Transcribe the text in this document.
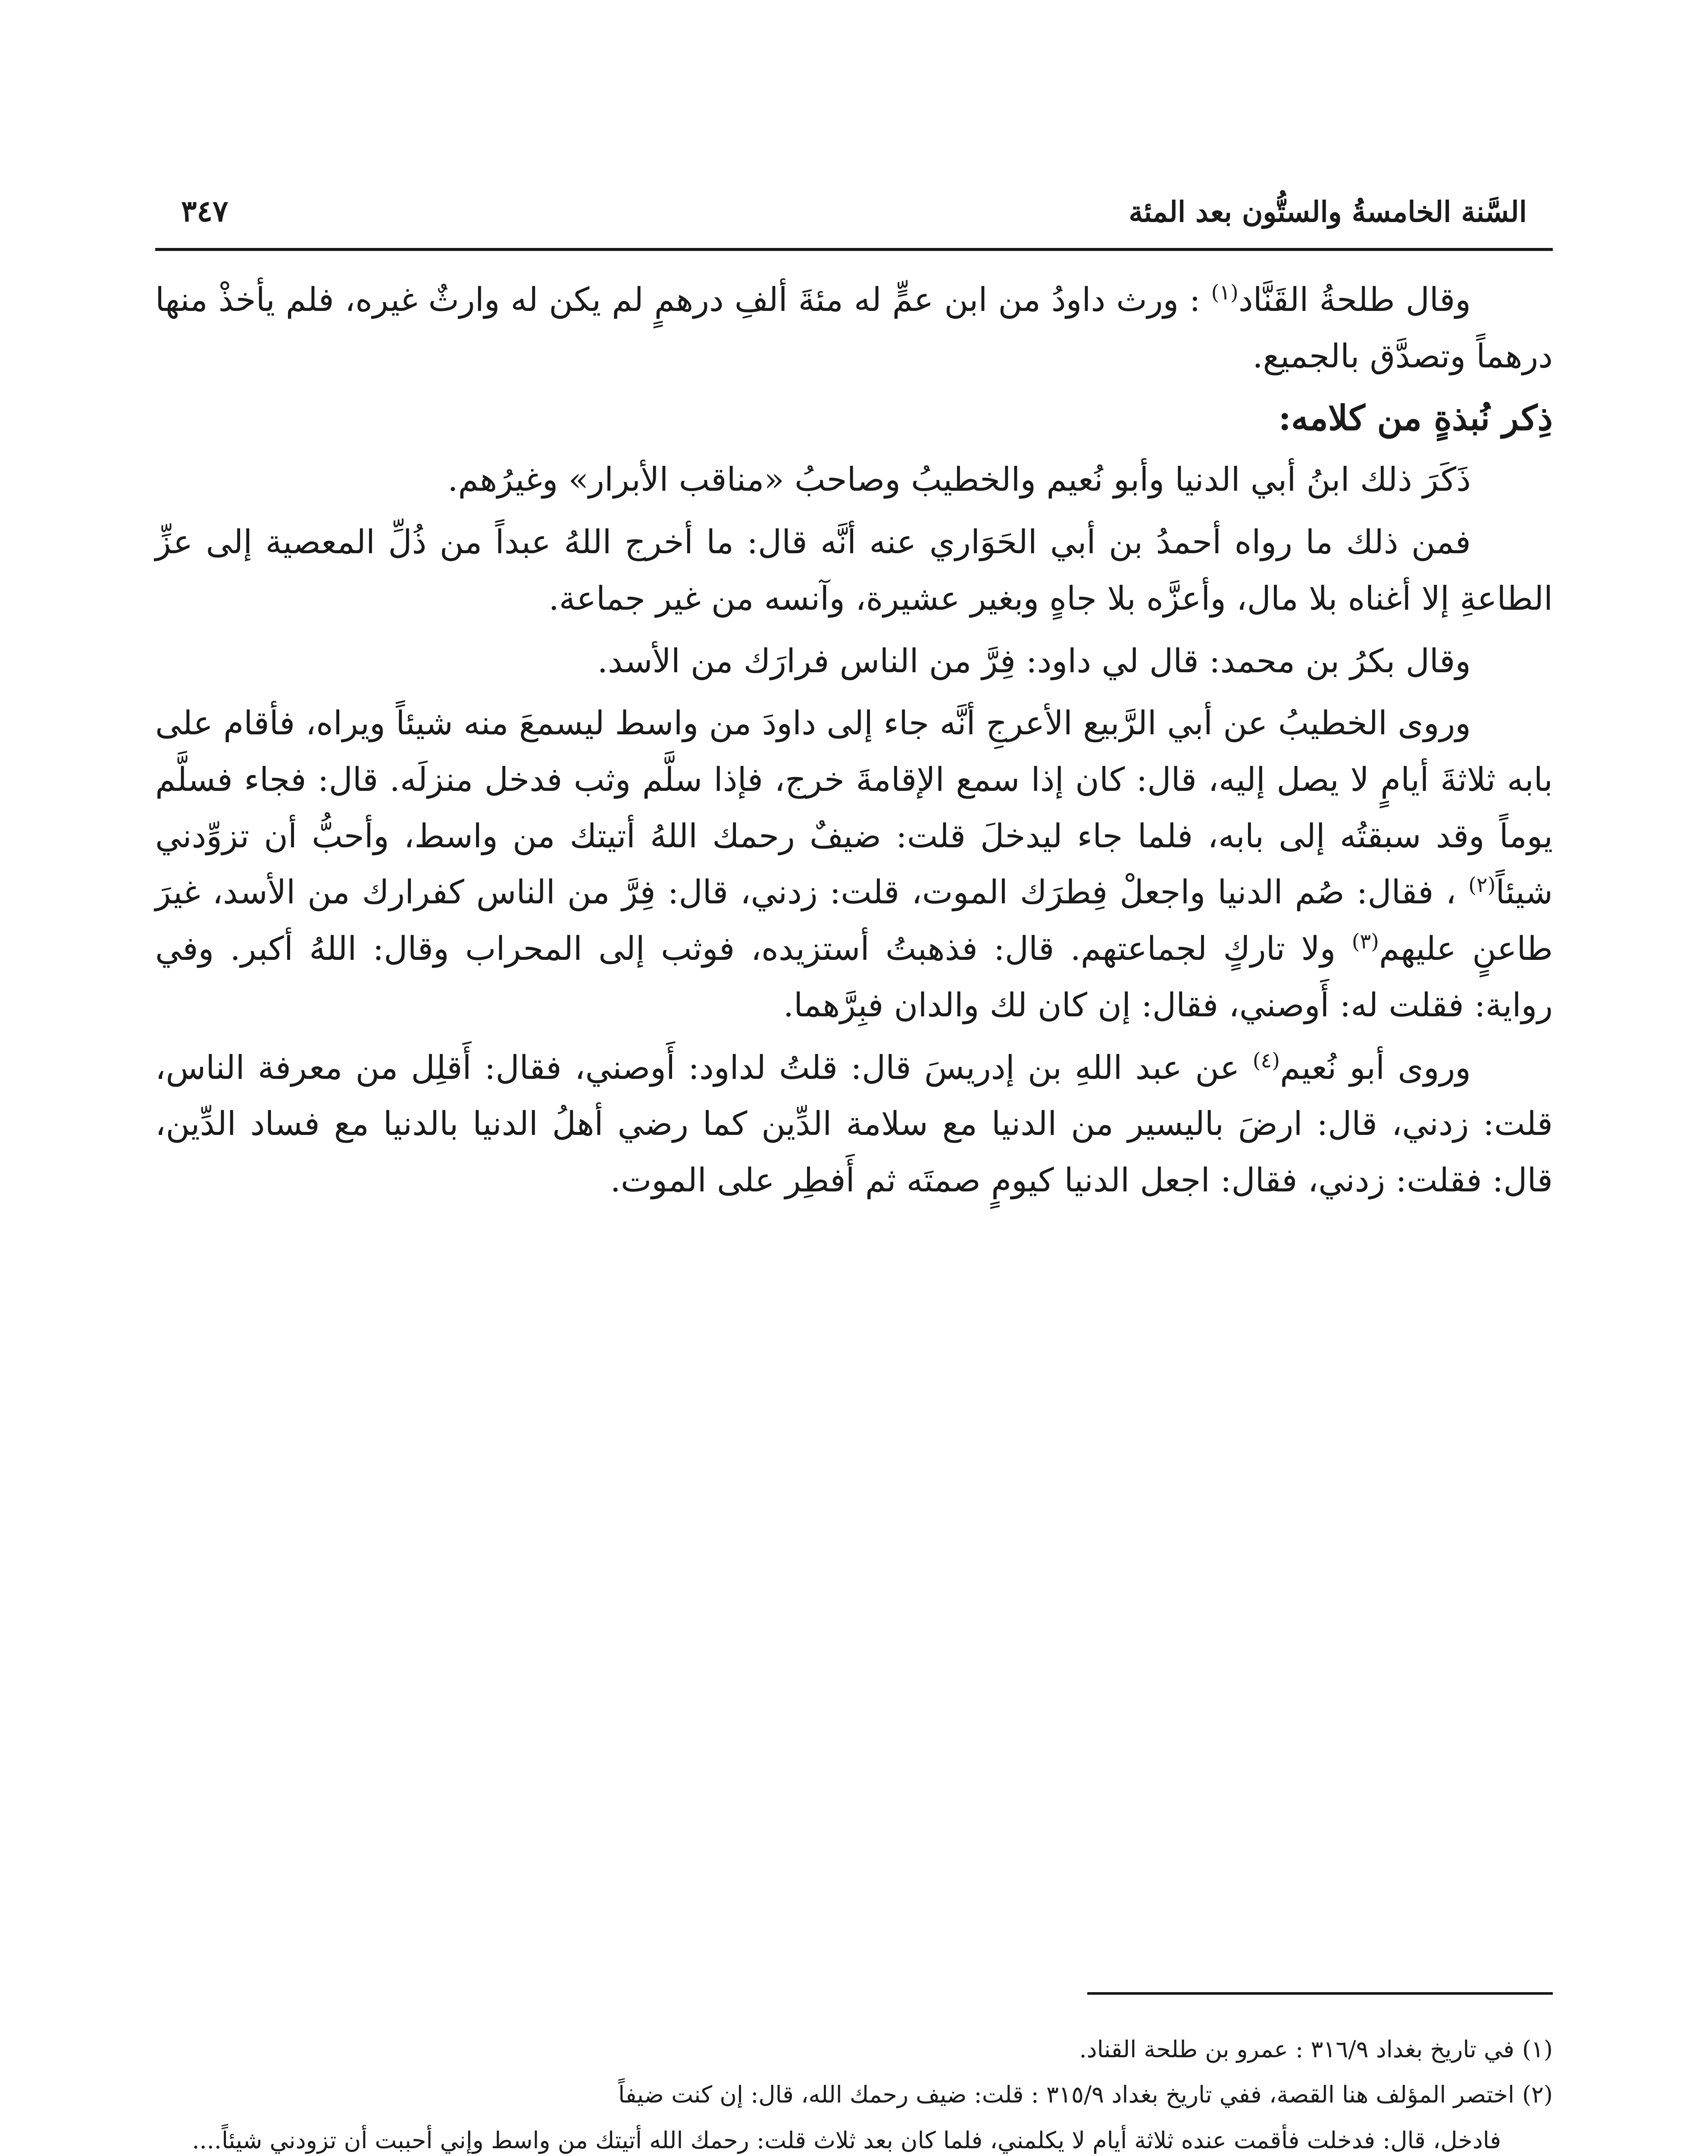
السَّنة الخامسةُ والستُّون بعد المئة
٣٤٧

وقال طلحةُ القَنَّاد$^{(١)}$ : ورث داودُ من ابن عمٍّ له مئةَ ألفِ درهمٍ لم يكن له وارثٌ غيره، فلم يأخذْ منها درهماً وتصدَّق بالجميع.

ذِكر نُبذةٍ من كلامه:

ذَكَرَ ذلك ابنُ أبي الدنيا وأبو نُعيم والخطيبُ وصاحبُ «مناقب الأبرار» وغيرُهم.

فمن ذلك ما رواه أحمدُ بن أبي الحَوَاري عنه أنَّه قال: ما أخرج اللهُ عبداً من ذُلِّ المعصية إلى عزِّ الطاعةِ إلا أغناه بلا مال، وأعزَّه بلا جاهٍ وبغير عشيرة، وآنسه من غير جماعة.

وقال بكرُ بن محمد: قال لي داود: فِرَّ من الناس فرارَك من الأسد.

وروى الخطيبُ عن أبي الرَّبيع الأعرجِ أنَّه جاء إلى داودَ من واسط ليسمعَ منه شيئاً ويراه، فأقام على بابه ثلاثةَ أيامٍ لا يصل إليه، قال: كان إذا سمع الإقامةَ خرج، فإذا سلَّم وثب فدخل منزلَه. قال: فجاء فسلَّم يوماً وقد سبقتُه إلى بابه، فلما جاء ليدخلَ قلت: ضيفٌ رحمك اللهُ أتيتك من واسط، وأحبُّ أن تزوِّدني شيئاً$^{(٢)}$ ، فقال: صُم الدنيا واجعلْ فِطرَك الموت، قلت: زدني، قال: فِرَّ من الناس كفرارك من الأسد، غيرَ طاعنٍ عليهم$^{(٣)}$ ولا تاركٍ لجماعتهم. قال: فذهبتُ أستزيده، فوثب إلى المحراب وقال: اللهُ أكبر. وفي رواية: فقلت له: أَوصني، فقال: إن كان لك والدان فبِرَّهما.

وروى أبو نُعيم$^{(٤)}$ عن عبد اللهِ بن إدريسَ قال: قلتُ لداود: أَوصني، فقال: أَقلِل من معرفة الناس، قلت: زدني، قال: ارضَ باليسير من الدنيا مع سلامة الدِّين كما رضي أهلُ الدنيا بالدنيا مع فساد الدِّين، قال: فقلت: زدني، فقال: اجعل الدنيا كيومٍ صمتَه ثم أَفطِر على الموت.

(١)في تاريخ بغداد ٣١٦/٩ : عمرو بن طلحة القناد.

(٢)اختصر المؤلف هنا القصة، ففي تاريخ بغداد ٣١٥/٩ : قلت: ضيف رحمك الله، قال: إن كنت ضيفاً
فادخل، قال: فدخلت فأقمت عنده ثلاثة أيام لا يكلمني، فلما كان بعد ثلاث قلت: رحمك الله أتيتك من واسط وإني أحببت أن تزودني شيئاً....
